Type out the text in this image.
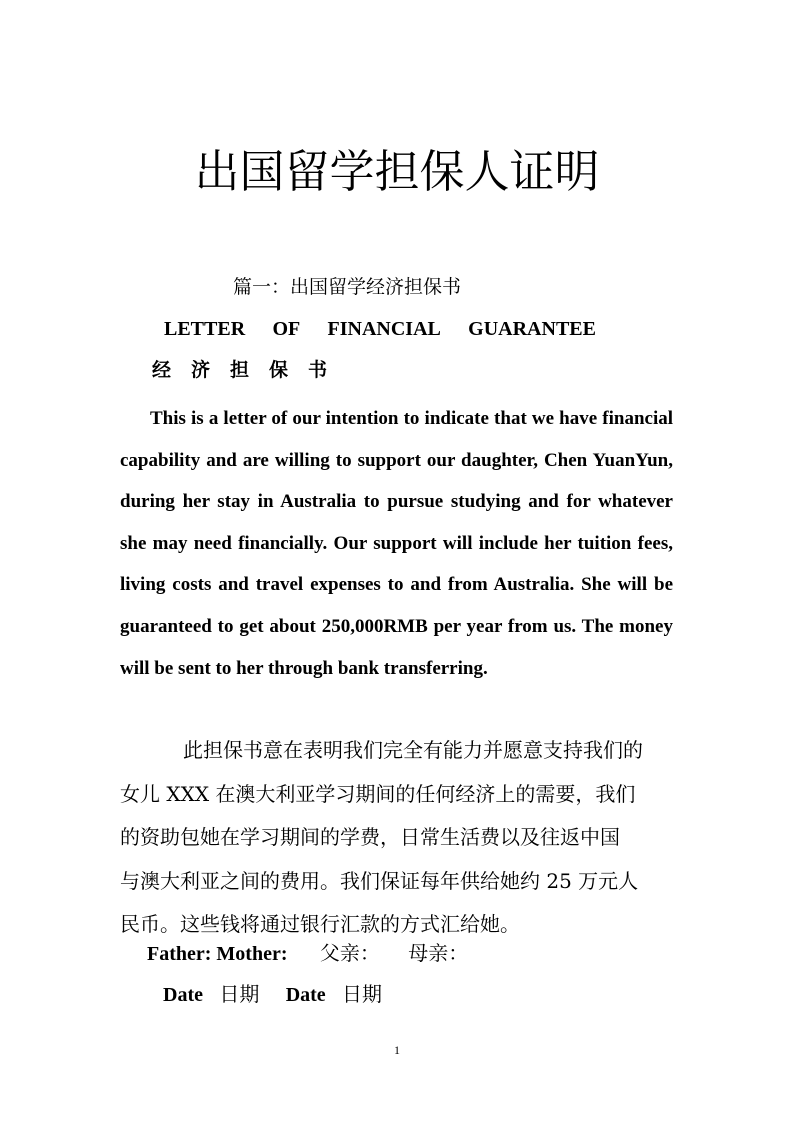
出国留学担保人证明
篇一：出国留学经济担保书
LETTER OF FINANCIAL GUARANTEE
经济担保书

This is a letter of our intention to indicate that we have financial capability and are willing to support our daughter, Chen YuanYun, during her stay in Australia to pursue studying and for whatever she may need financially. Our support will include her tuition fees, living costs and travel expenses to and from Australia. She will be guaranteed to get about 250,000RMB per year from us. The money will be sent to her through bank transferring.

此担保书意在表明我们完全有能力并愿意支持我们的
女儿 XXX 在澳大利亚学习期间的任何经济上的需要，我们
的资助包她在学习期间的学费，日常生活费以及往返中国
与澳大利亚之间的费用。我们保证每年供给她约 25 万元人
民币。这些钱将通过银行汇款的方式汇给她。
Father: Mother: 父亲： 母亲：
Date 日期 Date 日期
1
